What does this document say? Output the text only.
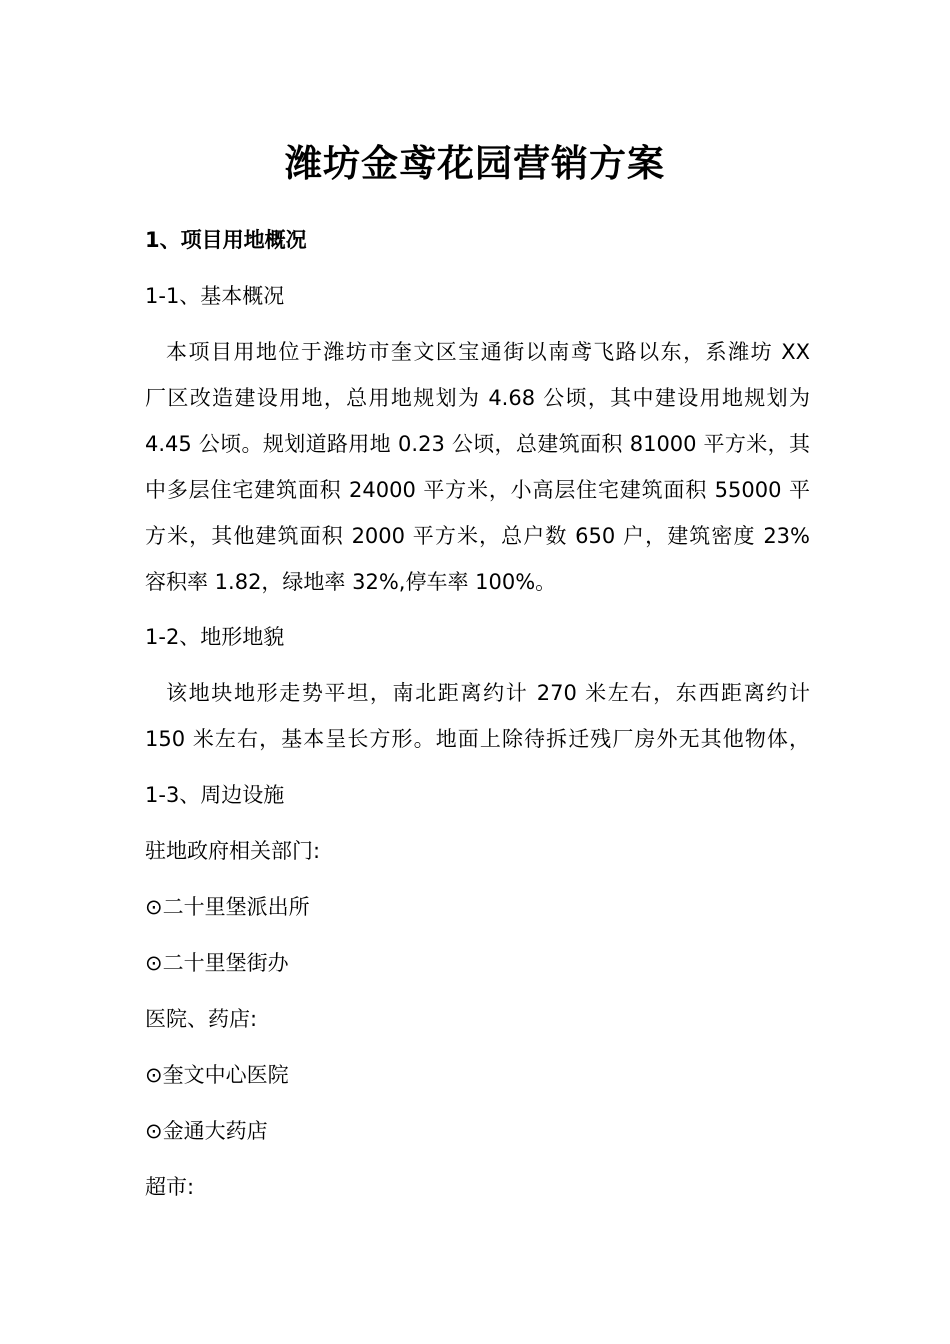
潍坊金鸢花园营销方案
1、项目用地概况
1-1、基本概况
本项目用地位于潍坊市奎文区宝通街以南鸢飞路以东，系潍坊 XX
厂区改造建设用地，总用地规划为 4.68 公顷，其中建设用地规划为
4.45 公顷。规划道路用地 0.23 公顷，总建筑面积 81000 平方米，其
中多层住宅建筑面积 24000 平方米，小高层住宅建筑面积 55000 平
方米，其他建筑面积 2000 平方米，总户数 650 户，建筑密度 23%
容积率 1.82，绿地率 32%,停车率 100%。
1-2、地形地貌
该地块地形走势平坦，南北距离约计 270 米左右，东西距离约计
150 米左右，基本呈长方形。地面上除待拆迁残厂房外无其他物体，
1-3、周边设施
驻地政府相关部门:
⊙二十里堡派出所
⊙二十里堡街办
医院、药店:
⊙奎文中心医院
⊙金通大药店
超市:
